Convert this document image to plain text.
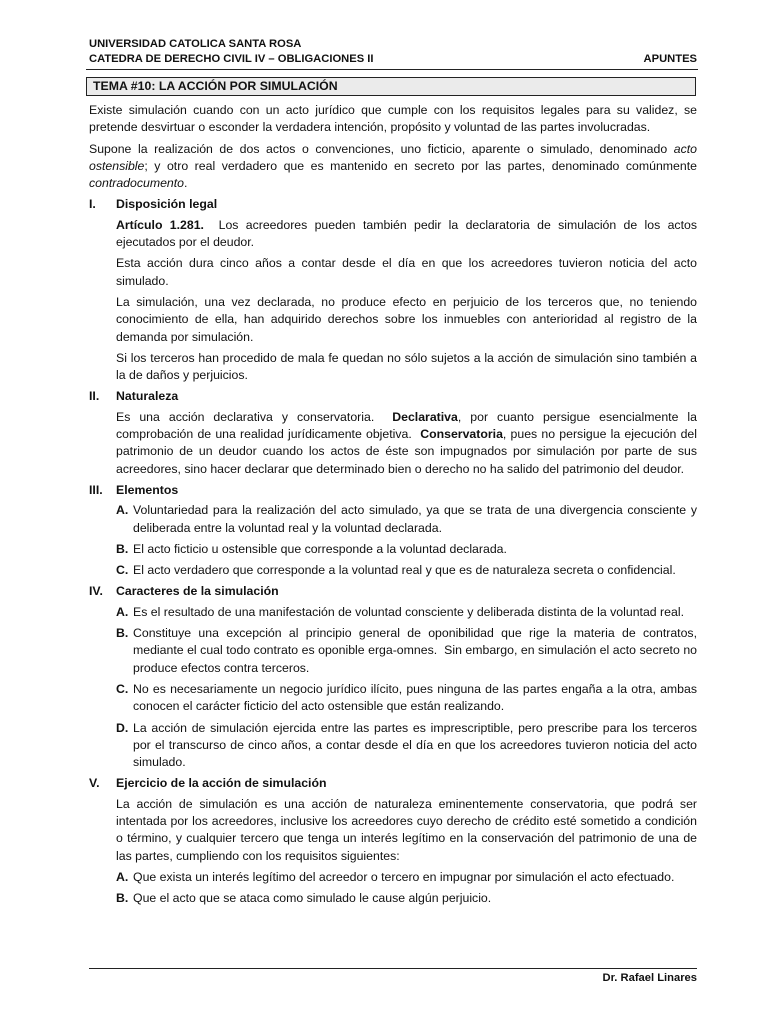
UNIVERSIDAD CATOLICA SANTA ROSA
CATEDRA DE DERECHO CIVIL IV – OBLIGACIONES II	APUNTES
TEMA #10: LA ACCIÓN POR SIMULACIÓN

Existe simulación cuando con un acto jurídico que cumple con los requisitos legales para su validez, se pretende desvirtuar o esconder la verdadera intención, propósito y voluntad de las partes involucradas.

Supone la realización de dos actos o convenciones, uno ficticio, aparente o simulado, denominado acto ostensible; y otro real verdadero que es mantenido en secreto por las partes, denominado comúnmente contradocumento.

I.	Disposición legal

Artículo 1.281.  Los acreedores pueden también pedir la declaratoria de simulación de los actos ejecutados por el deudor.

Esta acción dura cinco años a contar desde el día en que los acreedores tuvieron noticia del acto simulado.

La simulación, una vez declarada, no produce efecto en perjuicio de los terceros que, no teniendo conocimiento de ella, han adquirido derechos sobre los inmuebles con anterioridad al registro de la demanda por simulación.

Si los terceros han procedido de mala fe quedan no sólo sujetos a la acción de simulación sino también a la de daños y perjuicios.

II.	Naturaleza

Es una acción declarativa y conservatoria.  Declarativa, por cuanto persigue esencialmente la comprobación de una realidad jurídicamente objetiva.  Conservatoria, pues no persigue la ejecución del patrimonio de un deudor cuando los actos de éste son impugnados por simulación por parte de sus acreedores, sino hacer declarar que determinado bien o derecho no ha salido del patrimonio del deudor.

III.	Elementos
A. Voluntariedad para la realización del acto simulado, ya que se trata de una divergencia consciente y deliberada entre la voluntad real y la voluntad declarada.
B. El acto ficticio u ostensible que corresponde a la voluntad declarada.
C. El acto verdadero que corresponde a la voluntad real y que es de naturaleza secreta o confidencial.
IV.	Caracteres de la simulación
A. Es el resultado de una manifestación de voluntad consciente y deliberada distinta de la voluntad real.
B. Constituye una excepción al principio general de oponibilidad que rige la materia de contratos, mediante el cual todo contrato es oponible erga-omnes.  Sin embargo, en simulación el acto secreto no produce efectos contra terceros.
C. No es necesariamente un negocio jurídico ilícito, pues ninguna de las partes engaña a la otra, ambas conocen el carácter ficticio del acto ostensible que están realizando.
D. La acción de simulación ejercida entre las partes es imprescriptible, pero prescribe para los terceros por el transcurso de cinco años, a contar desde el día en que los acreedores tuvieron noticia del acto simulado.
V.	Ejercicio de la acción de simulación

La acción de simulación es una acción de naturaleza eminentemente conservatoria, que podrá ser intentada por los acreedores, inclusive los acreedores cuyo derecho de crédito esté sometido a condición o término, y cualquier tercero que tenga un interés legítimo en la conservación del patrimonio de una de las partes, cumpliendo con los requisitos siguientes:

A. Que exista un interés legítimo del acreedor o tercero en impugnar por simulación el acto efectuado.
B. Que el acto que se ataca como simulado le cause algún perjuicio.
Dr. Rafael Linares
